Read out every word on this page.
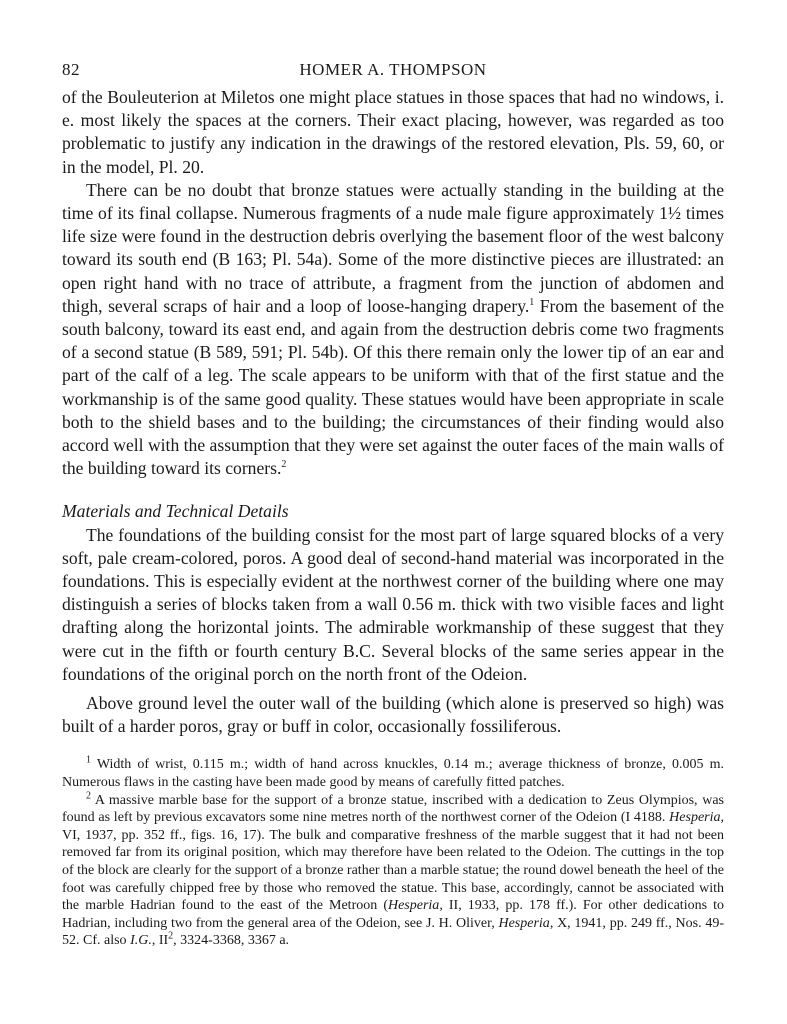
82	HOMER A. THOMPSON

of the Bouleuterion at Miletos one might place statues in those spaces that had no windows, i. e. most likely the spaces at the corners. Their exact placing, however, was regarded as too problematic to justify any indication in the drawings of the restored elevation, Pls. 59, 60, or in the model, Pl. 20.

There can be no doubt that bronze statues were actually standing in the building at the time of its final collapse. Numerous fragments of a nude male figure approximately 1½ times life size were found in the destruction debris overlying the basement floor of the west balcony toward its south end (B 163; Pl. 54a). Some of the more distinctive pieces are illustrated: an open right hand with no trace of attribute, a fragment from the junction of abdomen and thigh, several scraps of hair and a loop of loose-hanging drapery.$^1$ From the basement of the south balcony, toward its east end, and again from the destruction debris come two fragments of a second statue (B 589, 591; Pl. 54b). Of this there remain only the lower tip of an ear and part of the calf of a leg. The scale appears to be uniform with that of the first statue and the workmanship is of the same good quality. These statues would have been appropriate in scale both to the shield bases and to the building; the circumstances of their finding would also accord well with the assumption that they were set against the outer faces of the main walls of the building toward its corners.$^2$

Materials and Technical Details

The foundations of the building consist for the most part of large squared blocks of a very soft, pale cream-colored, poros. A good deal of second-hand material was incorporated in the foundations. This is especially evident at the northwest corner of the building where one may distinguish a series of blocks taken from a wall 0.56 m. thick with two visible faces and light drafting along the horizontal joints. The admirable workmanship of these suggest that they were cut in the fifth or fourth century B.C. Several blocks of the same series appear in the foundations of the original porch on the north front of the Odeion.

Above ground level the outer wall of the building (which alone is preserved so high) was built of a harder poros, gray or buff in color, occasionally fossiliferous.

$^1$ Width of wrist, 0.115 m.; width of hand across knuckles, 0.14 m.; average thickness of bronze, 0.005 m. Numerous flaws in the casting have been made good by means of carefully fitted patches.

$^2$ A massive marble base for the support of a bronze statue, inscribed with a dedication to Zeus Olympios, was found as left by previous excavators some nine metres north of the northwest corner of the Odeion (I 4188. Hesperia, VI, 1937, pp. 352 ff., figs. 16, 17). The bulk and comparative freshness of the marble suggest that it had not been removed far from its original position, which may therefore have been related to the Odeion. The cuttings in the top of the block are clearly for the support of a bronze rather than a marble statue; the round dowel beneath the heel of the foot was carefully chipped free by those who removed the statue. This base, accordingly, cannot be associated with the marble Hadrian found to the east of the Metroon (Hesperia, II, 1933, pp. 178 ff.). For other dedications to Hadrian, including two from the general area of the Odeion, see J. H. Oliver, Hesperia, X, 1941, pp. 249 ff., Nos. 49-52. Cf. also I.G., $II^2$, 3324-3368, 3367 a.
